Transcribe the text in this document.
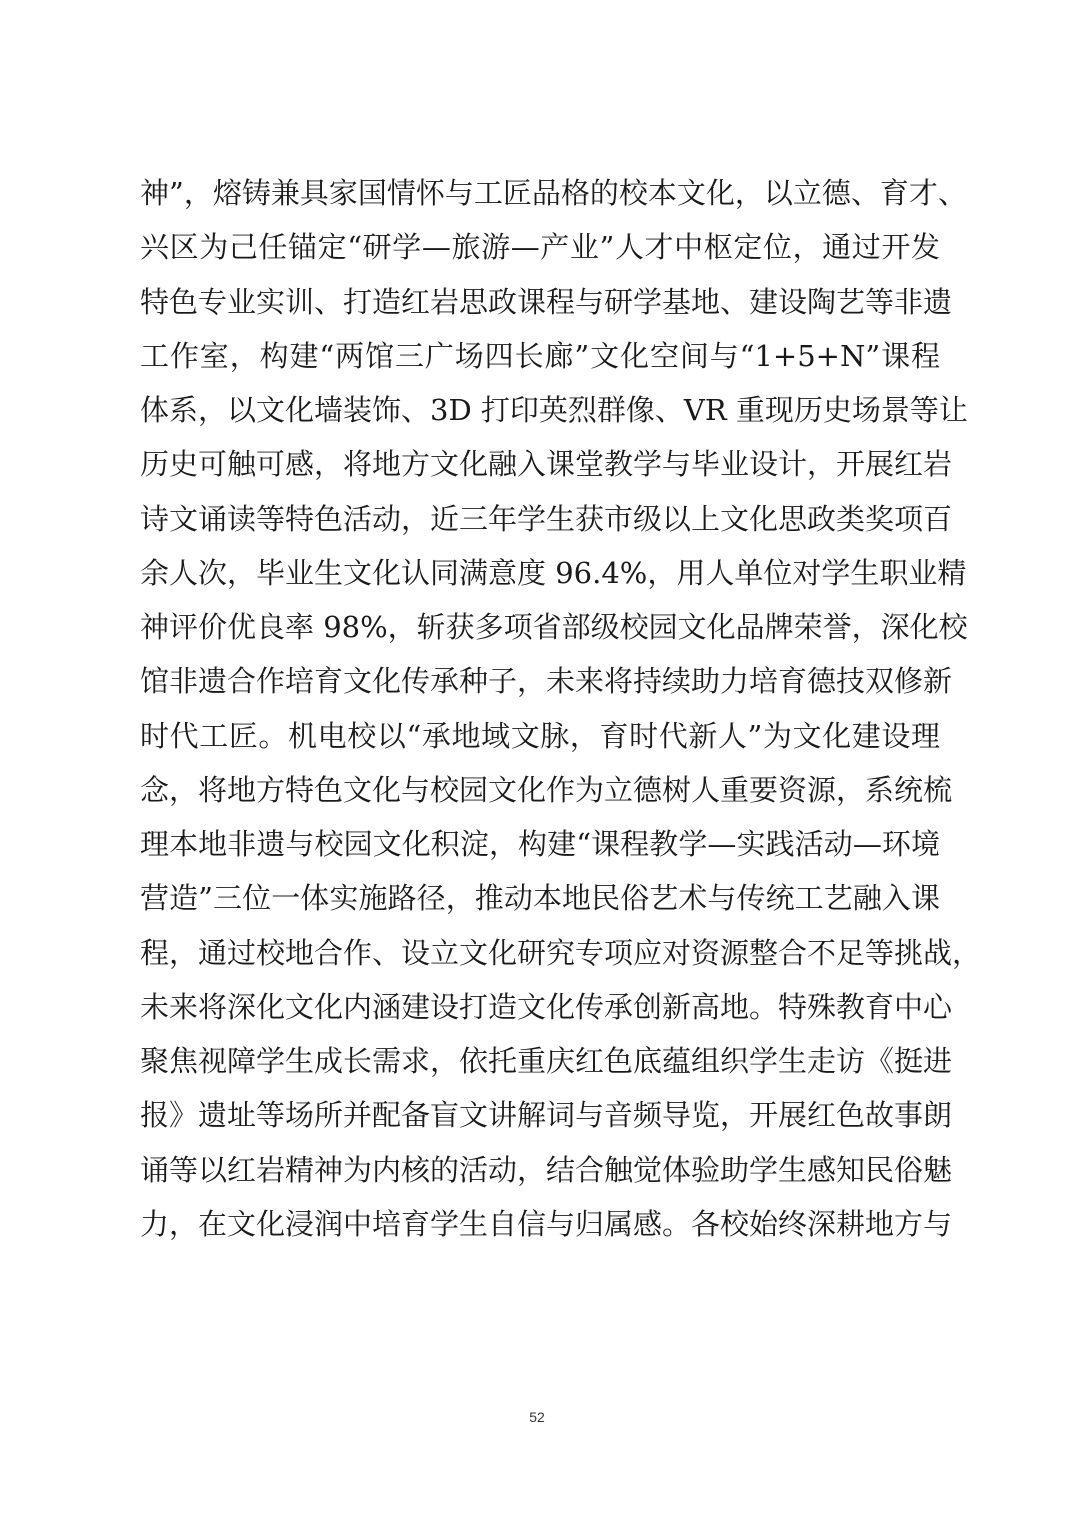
神”，熔铸兼具家国情怀与工匠品格的校本文化，以立德、育才、
兴区为己任锚定“研学—旅游—产业”人才中枢定位，通过开发
特色专业实训、打造红岩思政课程与研学基地、建设陶艺等非遗
工作室，构建“两馆三广场四长廊”文化空间与“1+5+N”课程
体系，以文化墙装饰、3D 打印英烈群像、VR 重现历史场景等让
历史可触可感，将地方文化融入课堂教学与毕业设计，开展红岩
诗文诵读等特色活动，近三年学生获市级以上文化思政类奖项百
余人次，毕业生文化认同满意度 96.4%，用人单位对学生职业精
神评价优良率 98%，斩获多项省部级校园文化品牌荣誉，深化校
馆非遗合作培育文化传承种子，未来将持续助力培育德技双修新
时代工匠。机电校以“承地域文脉，育时代新人”为文化建设理
念，将地方特色文化与校园文化作为立德树人重要资源，系统梳
理本地非遗与校园文化积淀，构建“课程教学—实践活动—环境
营造”三位一体实施路径，推动本地民俗艺术与传统工艺融入课
程，通过校地合作、设立文化研究专项应对资源整合不足等挑战，
未来将深化文化内涵建设打造文化传承创新高地。特殊教育中心
聚焦视障学生成长需求，依托重庆红色底蕴组织学生走访《挺进
报》遗址等场所并配备盲文讲解词与音频导览，开展红色故事朗
诵等以红岩精神为内核的活动，结合触觉体验助学生感知民俗魅
力，在文化浸润中培育学生自信与归属感。各校始终深耕地方与
52
